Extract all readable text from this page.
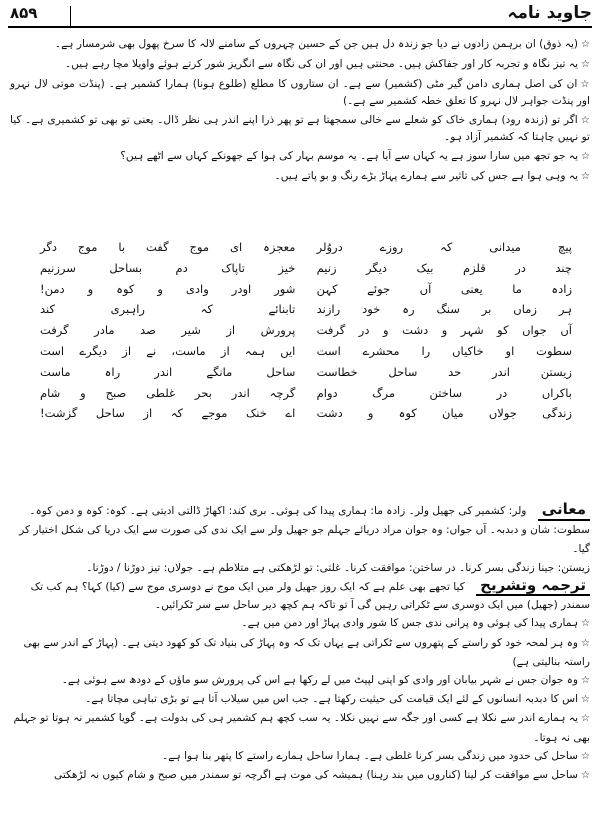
۸۵۹	جاوید نامہ

☆(یہ ذوق) ان برہمن زادوں نے دیا جو زندہ دل ہیں جن کے حسین چہروں کے سامنے لالہ کا سرخ پھول بھی شرمسار ہے۔

☆یہ تیز نگاہ و تجربہ کار اور جفاکش ہیں۔ محنتی ہیں اور ان کی نگاہ سے انگریز شور کرتے ہوئے واویلا مچا رہے ہیں۔

☆ان کی اصل ہماری دامن گیر مٹی (کشمیر) سے ہے۔ ان ستاروں کا مطلع (طلوع ہونا) ہمارا کشمیر ہے۔ (پنڈت موتی لال نہرو اور پنڈت جواہر لال نہرو کا تعلق خطہ کشمیر سے ہے۔)

☆اگر تو (زندہ رود) ہماری خاک کو شعلے سے خالی سمجھتا ہے تو پھر ذرا اپنے اندر ہی نظر ڈال۔ یعنی تو بھی تو کشمیری ہے۔ کیا تو نہیں چاہتا کہ کشمیر آزاد ہو۔

☆یہ جو تجھ میں سارا سوز ہے یہ کہاں سے آیا ہے۔ یہ موسم بہار کی ہوا کے جھونکے کہاں سے اٹھے ہیں؟

☆یہ وہی ہوا ہے جس کی تاثیر سے ہمارے پہاڑ بڑے رنگ و بو پاتے ہیں۔

پیچ میدانی کہ روزے دروُلر
معجزہ ای موج گفت با موج دگر
چند در قلزم بیک دیگر زنیم
خیز تاپاک دم بساحل سرزنیم
زادہ ما یعنی آں جوئے کہن
شور اودر وادی و کوہ و دمن!
ہر زماں بر سنگ رہ خود رازند
تابنائے کہ راہبری کند
آں جواں کو شہر و دشت و در گرفت
پرورش از شیر صد مادر گرفت
سطوت او خاکیاں را محشرے است
ایں ہمہ از ماست، نے از دیگرے است
زیستن اندر حد ساحل خطاست
ساحل مانگے اندر راہ ماست
باکراں در ساختن مرگ دوام
گرچہ اندر بحر غلطی صبح و شام
زندگی جولاں میان کوہ و دشت
اے خنک موجے کہ از ساحل گزشت!
معانی ولر: کشمیر کی جھیل ولر۔ زادہ ما: ہماری پیدا کی ہوئی۔ بری کند: اکھاڑ ڈالتی ادیتی ہے۔ کوہ: کوہ و دمن کوہ۔
سطوت: شان و دبدبہ۔ آں جواں: وہ جوان مراد دریائے جہلم جو جھیل ولر سے ایک ندی کی صورت سے ایک دریا کی شکل اختیار کر گیا۔
زیستن: جینا زندگی بسر کرنا۔ در ساختن: موافقت کرنا۔ غلتی: تو لڑھکتی ہے متلاطم ہے۔ جولاں: تیز دوڑنا / دوڑنا۔
ترجمہ وتشریح کیا تجھے بھی علم ہے کہ ایک روز جھیل ولر میں ایک موج نے دوسری موج سے (کیا) کہا؟ ہم کب تک سمندر (جھیل) میں ایک دوسری سے ٹکراتی رہیں گی آ تو تاکہ ہم کچھ دیر ساحل سے سر ٹکرائیں۔
☆ہماری پیدا کی ہوئی وہ پرانی ندی جس کا شور وادی پہاڑ اور دمن میں ہے۔
☆وہ ہر لمحہ خود کو راستے کے پتھروں سے ٹکراتی ہے یہاں تک کہ وہ پہاڑ کی بنیاد تک کو کھود دیتی ہے۔ (پہاڑ کے اندر سے بھی راستہ بنالیتی ہے)
☆وہ جوان جس نے شہر بیابان اور وادی کو اپنی لپیٹ میں لے رکھا ہے اس کی پرورش سو ماؤں کے دودھ سے ہوئی ہے۔
☆اس کا دبدبہ انسانوں کے لئے ایک قیامت کی حیثیت رکھتا ہے۔ جب اس میں سیلاب آتا ہے تو بڑی تباہی مچاتا ہے۔
☆یہ ہمارے اندر سے نکلا ہے کسی اور جگہ سے نہیں نکلا۔ یہ سب کچھ ہم کشمیر ہی کی بدولت ہے۔ گویا کشمیر نہ ہوتا تو جہلم بھی نہ ہوتا۔
☆ساحل کی حدود میں زندگی بسر کرنا غلطی ہے۔ ہمارا ساحل ہمارے راستے کا پتھر بنا ہوا ہے۔
☆ساحل سے موافقت کر لینا (کناروں میں بند رہنا) ہمیشہ کی موت ہے اگرچہ تو سمندر میں صبح و شام کیوں نہ لڑھکتی
